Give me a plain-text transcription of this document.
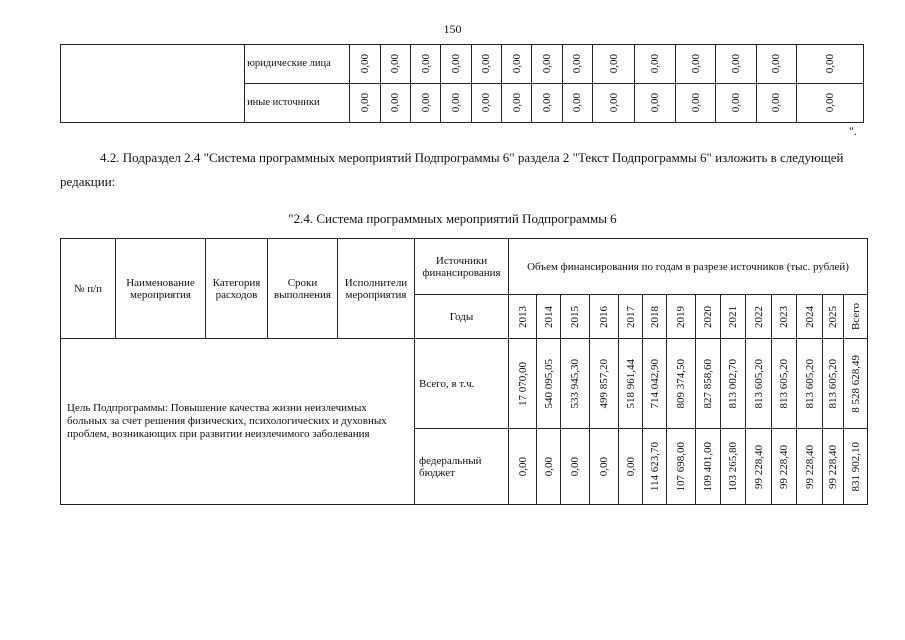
150
	юридические лица	0,00	0,00	0,00	0,00	0,00	0,00	0,00	0,00	0,00	0,00	0,00	0,00	0,00	0,00

	иные источники	0,00	0,00	0,00	0,00	0,00	0,00	0,00	0,00	0,00	0,00	0,00	0,00	0,00	0,00
".
4.2. Подраздел 2.4 "Система программных мероприятий Подпрограммы 6" раздела 2 "Текст Подпрограммы 6" изложить в следующей редакции:
"2.4. Система программных мероприятий Подпрограммы 6
№ п/п	Наименование мероприятия	Категория расходов	Сроки выполнения	Исполнители мероприятия	Источники финансирования	Объем финансирования по годам в разрезе источников (тыс. рублей)													
					Годы	2013	2014	2015	2016	2017	2018	2019	2020	2021	2022	2023	2024	2025	Всего

Цель Подпрограммы: Повышение качества жизни неизлечимых больных за счет решения физических, психологических и духовных проблем, возникающих при развитии неизлечимого заболевания					Всего, в т.ч.	17 070,00	540 095,05	533 945,30	499 857,20	518 961,44	714 042,90	809 374,50	827 858,60	813 002,70	813 605,20	813 605,20	813 605,20	813 605,20	8 528 628,49

					федеральный бюджет	0,00	0,00	0,00	0,00	0,00	114 623,70	107 698,00	109 401,00	103 265,80	99 228,40	99 228,40	99 228,40	99 228,40	831 902,10
